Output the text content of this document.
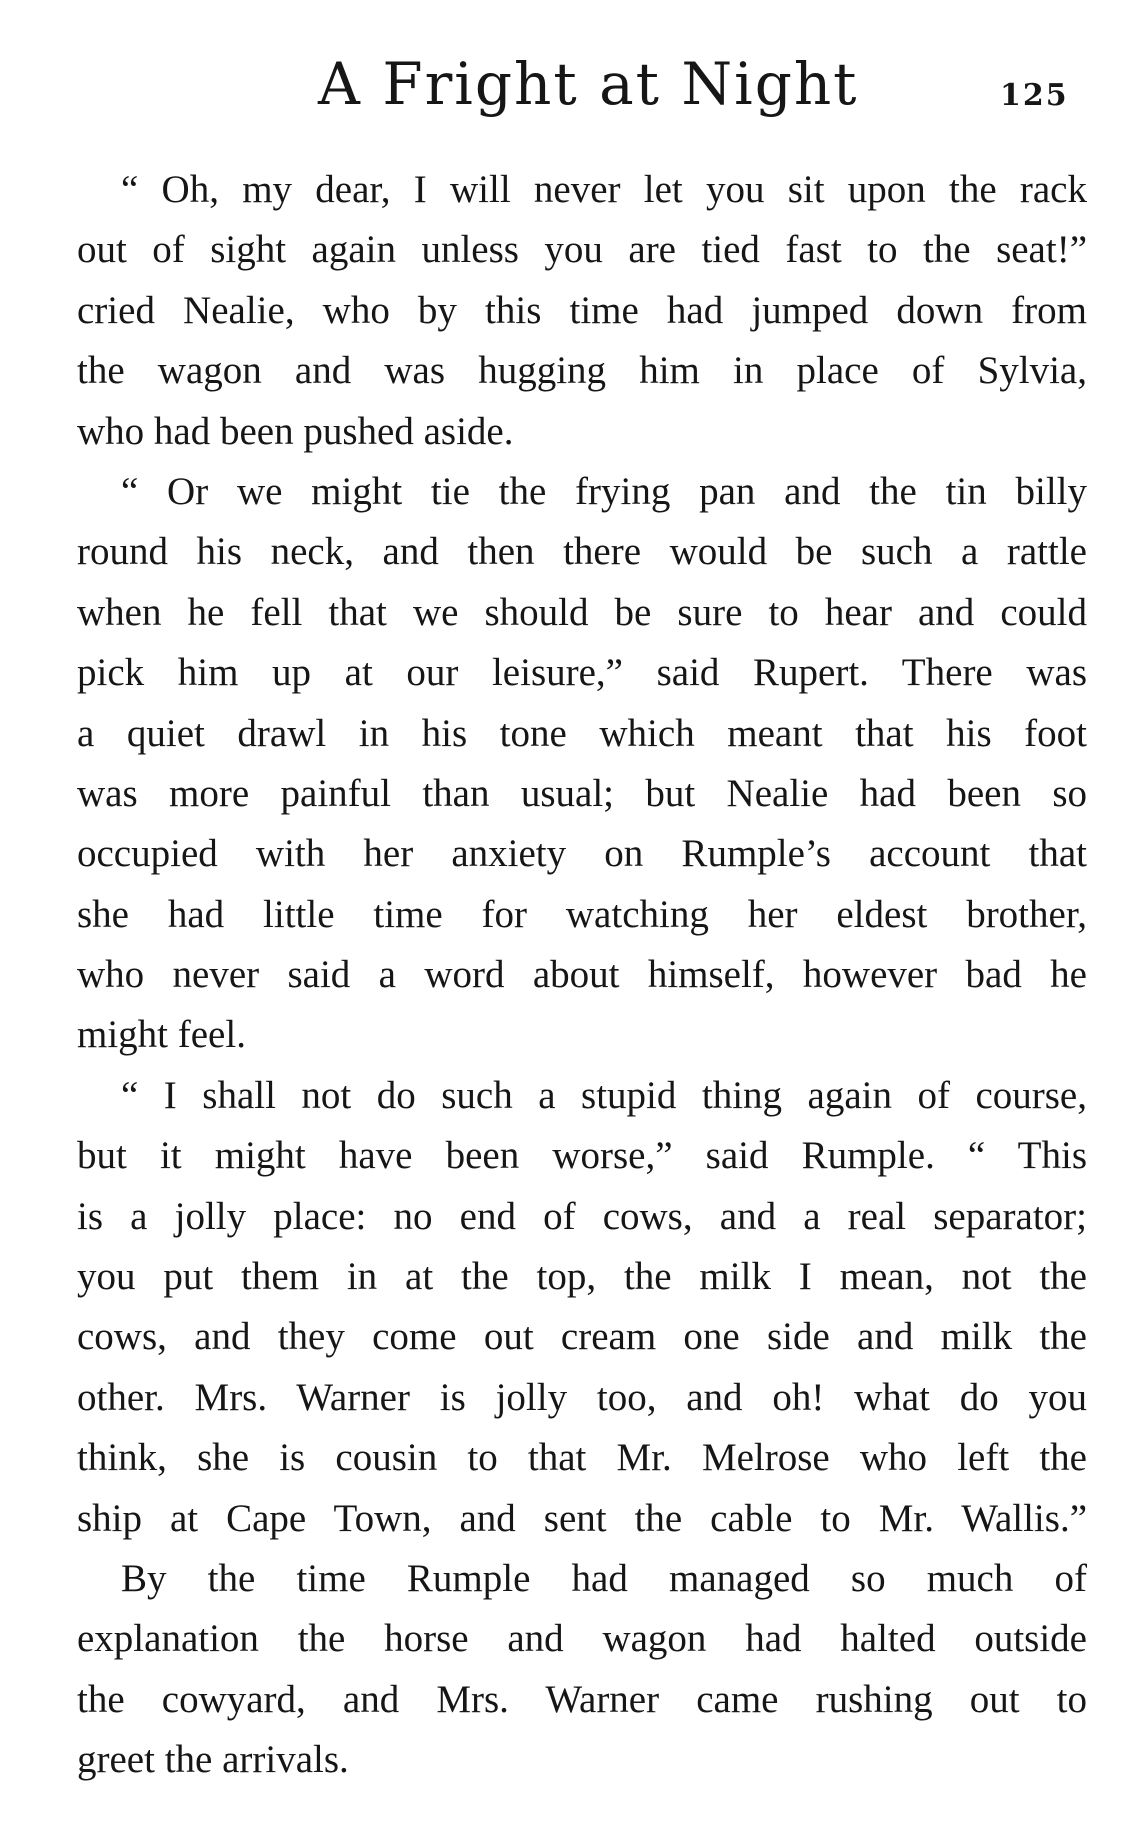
A Fright at Night	125
“ Oh, my dear, I will never let you sit upon the rack
out of sight again unless you are tied fast to the seat!”
cried Nealie, who by this time had jumped down from
the wagon and was hugging him in place of Sylvia,
who had been pushed aside.
“ Or we might tie the frying pan and the tin billy
round his neck, and then there would be such a rattle
when he fell that we should be sure to hear and could
pick him up at our leisure,” said Rupert. There was
a quiet drawl in his tone which meant that his foot
was more painful than usual; but Nealie had been so
occupied with her anxiety on Rumple’s account that
she had little time for watching her eldest brother,
who never said a word about himself, however bad he
might feel.
“ I shall not do such a stupid thing again of course,
but it might have been worse,” said Rumple. “ This
is a jolly place: no end of cows, and a real separator;
you put them in at the top, the milk I mean, not the
cows, and they come out cream one side and milk the
other. Mrs. Warner is jolly too, and oh! what do you
think, she is cousin to that Mr. Melrose who left the
ship at Cape Town, and sent the cable to Mr. Wallis.”
By the time Rumple had managed so much of
explanation the horse and wagon had halted outside
the cowyard, and Mrs. Warner came rushing out to
greet the arrivals.
